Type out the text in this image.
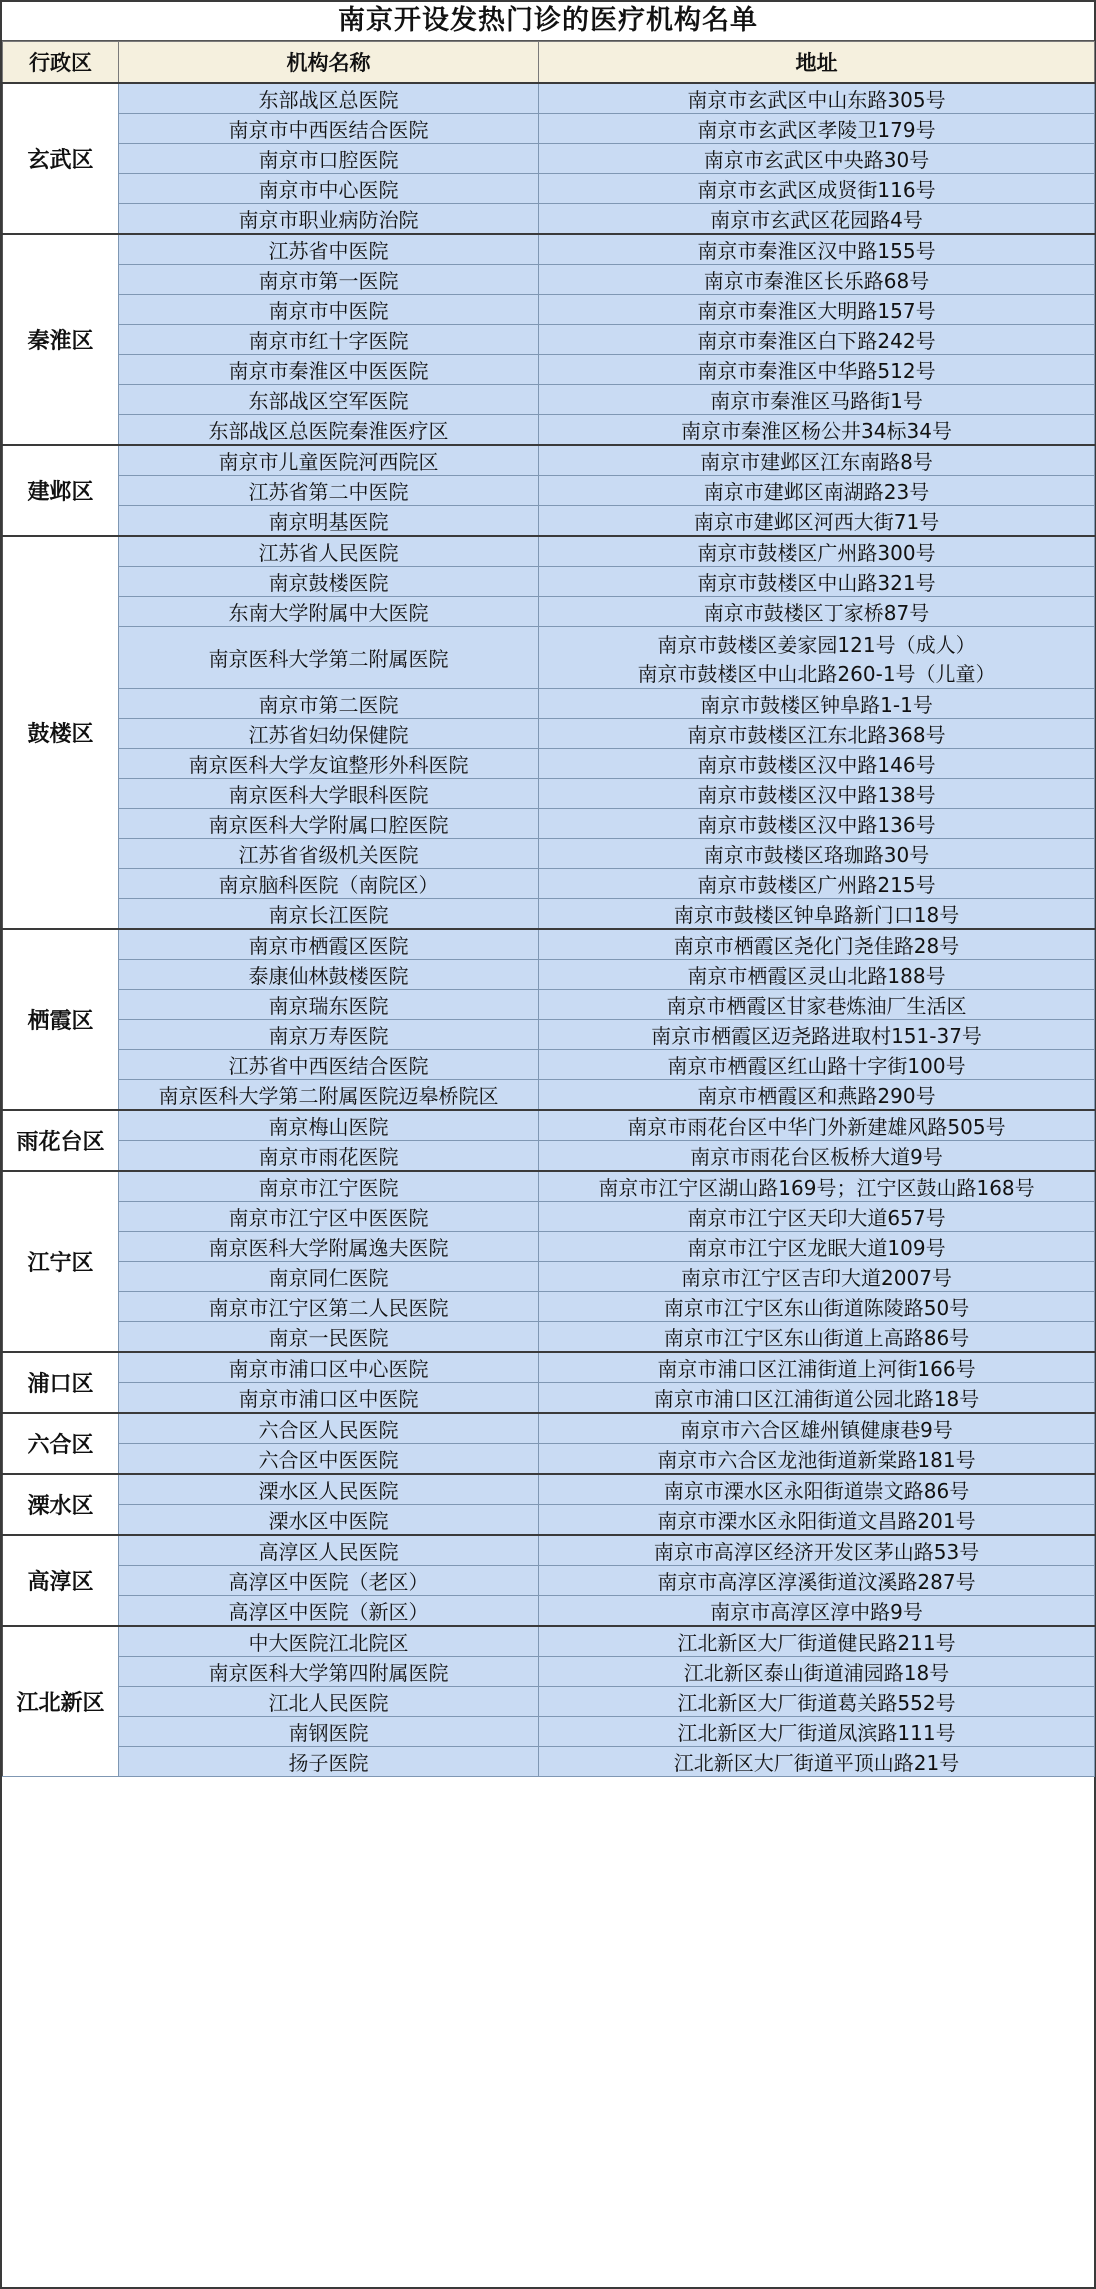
南京开设发热门诊的医疗机构名单
行政区	机构名称	地址
玄武区	东部战区总医院	南京市玄武区中山东路305号
	南京市中西医结合医院	南京市玄武区孝陵卫179号
	南京市口腔医院	南京市玄武区中央路30号
	南京市中心医院	南京市玄武区成贤街116号
	南京市职业病防治院	南京市玄武区花园路4号
秦淮区	江苏省中医院	南京市秦淮区汉中路155号
	南京市第一医院	南京市秦淮区长乐路68号
	南京市中医院	南京市秦淮区大明路157号
	南京市红十字医院	南京市秦淮区白下路242号
	南京市秦淮区中医医院	南京市秦淮区中华路512号
	东部战区空军医院	南京市秦淮区马路街1号
	东部战区总医院秦淮医疗区	南京市秦淮区杨公井34标34号
建邺区	南京市儿童医院河西院区	南京市建邺区江东南路8号
	江苏省第二中医院	南京市建邺区南湖路23号
	南京明基医院	南京市建邺区河西大街71号
鼓楼区	江苏省人民医院	南京市鼓楼区广州路300号
	南京鼓楼医院	南京市鼓楼区中山路321号
	东南大学附属中大医院	南京市鼓楼区丁家桥87号
	南京医科大学第二附属医院	南京市鼓楼区姜家园121号（成人）
南京市鼓楼区中山北路260-1号（儿童）

	南京市第二医院	南京市鼓楼区钟阜路1-1号
	江苏省妇幼保健院	南京市鼓楼区江东北路368号
	南京医科大学友谊整形外科医院	南京市鼓楼区汉中路146号
	南京医科大学眼科医院	南京市鼓楼区汉中路138号
	南京医科大学附属口腔医院	南京市鼓楼区汉中路136号
	江苏省省级机关医院	南京市鼓楼区珞珈路30号
	南京脑科医院（南院区）	南京市鼓楼区广州路215号
	南京长江医院	南京市鼓楼区钟阜路新门口18号
栖霞区	南京市栖霞区医院	南京市栖霞区尧化门尧佳路28号
	泰康仙林鼓楼医院	南京市栖霞区灵山北路188号
	南京瑞东医院	南京市栖霞区甘家巷炼油厂生活区
	南京万寿医院	南京市栖霞区迈尧路进取村151-37号
	江苏省中西医结合医院	南京市栖霞区红山路十字街100号
	南京医科大学第二附属医院迈皋桥院区	南京市栖霞区和燕路290号
雨花台区	南京梅山医院	南京市雨花台区中华门外新建雄风路505号
	南京市雨花医院	南京市雨花台区板桥大道9号
江宁区	南京市江宁医院	南京市江宁区湖山路169号；江宁区鼓山路168号
	南京市江宁区中医医院	南京市江宁区天印大道657号
	南京医科大学附属逸夫医院	南京市江宁区龙眠大道109号
	南京同仁医院	南京市江宁区吉印大道2007号
	南京市江宁区第二人民医院	南京市江宁区东山街道陈陵路50号
	南京一民医院	南京市江宁区东山街道上高路86号
浦口区	南京市浦口区中心医院	南京市浦口区江浦街道上河街166号
	南京市浦口区中医院	南京市浦口区江浦街道公园北路18号
六合区	六合区人民医院	南京市六合区雄州镇健康巷9号
	六合区中医医院	南京市六合区龙池街道新棠路181号
溧水区	溧水区人民医院	南京市溧水区永阳街道崇文路86号
	溧水区中医院	南京市溧水区永阳街道文昌路201号
高淳区	高淳区人民医院	南京市高淳区经济开发区茅山路53号
	高淳区中医院（老区）	南京市高淳区淳溪街道汶溪路287号
	高淳区中医院（新区）	南京市高淳区淳中路9号
江北新区	中大医院江北院区	江北新区大厂街道健民路211号
	南京医科大学第四附属医院	江北新区泰山街道浦园路18号
	江北人民医院	江北新区大厂街道葛关路552号
	南钢医院	江北新区大厂街道凤滨路111号
	扬子医院	江北新区大厂街道平顶山路21号
